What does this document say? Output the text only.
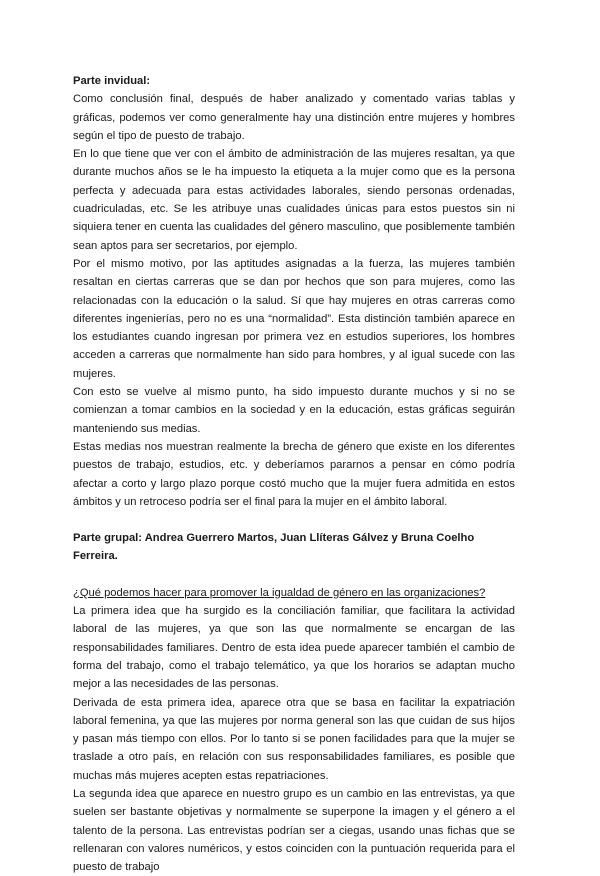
Parte invidual:

Como conclusión final, después de haber analizado y comentado varias tablas y gráficas, podemos ver como generalmente hay una distinción entre mujeres y hombres según el tipo de puesto de trabajo.

En lo que tiene que ver con el ámbito de administración de las mujeres resaltan, ya que durante muchos años se le ha impuesto la etiqueta a la mujer como que es la persona perfecta y adecuada para estas actividades laborales, siendo personas ordenadas, cuadriculadas, etc. Se les atribuye unas cualidades únicas para estos puestos sin ni siquiera tener en cuenta las cualidades del género masculino, que posiblemente también sean aptos para ser secretarios, por ejemplo.

Por el mismo motivo, por las aptitudes asignadas a la fuerza, las mujeres también resaltan en ciertas carreras que se dan por hechos que son para mujeres, como las relacionadas con la educación o la salud. Sí que hay mujeres en otras carreras como diferentes ingenierías, pero no es una “normalidad”. Esta distinción también aparece en los estudiantes cuando ingresan por primera vez en estudios superiores, los hombres acceden a carreras que normalmente han sido para hombres, y al igual sucede con las mujeres.

Con esto se vuelve al mismo punto, ha sido impuesto durante muchos y si no se comienzan a tomar cambios en la sociedad y en la educación, estas gráficas seguirán manteniendo sus medias.

Estas medias nos muestran realmente la brecha de género que existe en los diferentes puestos de trabajo, estudios, etc. y deberíamos pararnos a pensar en cómo podría afectar a corto y largo plazo porque costó mucho que la mujer fuera admitida en estos ámbitos y un retroceso podría ser el final para la mujer en el ámbito laboral.

Parte grupal: Andrea Guerrero Martos, Juan Llíteras Gálvez y Bruna Coelho Ferreira.

¿Qué podemos hacer para promover la igualdad de género en las organizaciones?

La primera idea que ha surgido es la conciliación familiar, que facilitara la actividad laboral de las mujeres, ya que son las que normalmente se encargan de las responsabilidades familiares. Dentro de esta idea puede aparecer también el cambio de forma del trabajo, como el trabajo telemático, ya que los horarios se adaptan mucho mejor a las necesidades de las personas.

Derivada de esta primera idea, aparece otra que se basa en facilitar la expatriación laboral femenina, ya que las mujeres por norma general son las que cuidan de sus hijos y pasan más tiempo con ellos. Por lo tanto si se ponen facilidades para que la mujer se traslade a otro país, en relación con sus responsabilidades familiares, es posible que muchas más mujeres acepten estas repatriaciones.

La segunda idea que aparece en nuestro grupo es un cambio en las entrevistas, ya que suelen ser bastante objetivas y normalmente se superpone la imagen y el género a el talento de la persona. Las entrevistas podrían ser a ciegas, usando unas fichas que se rellenaran con valores numéricos, y estos coinciden con la puntuación requerida para el puesto de trabajo
